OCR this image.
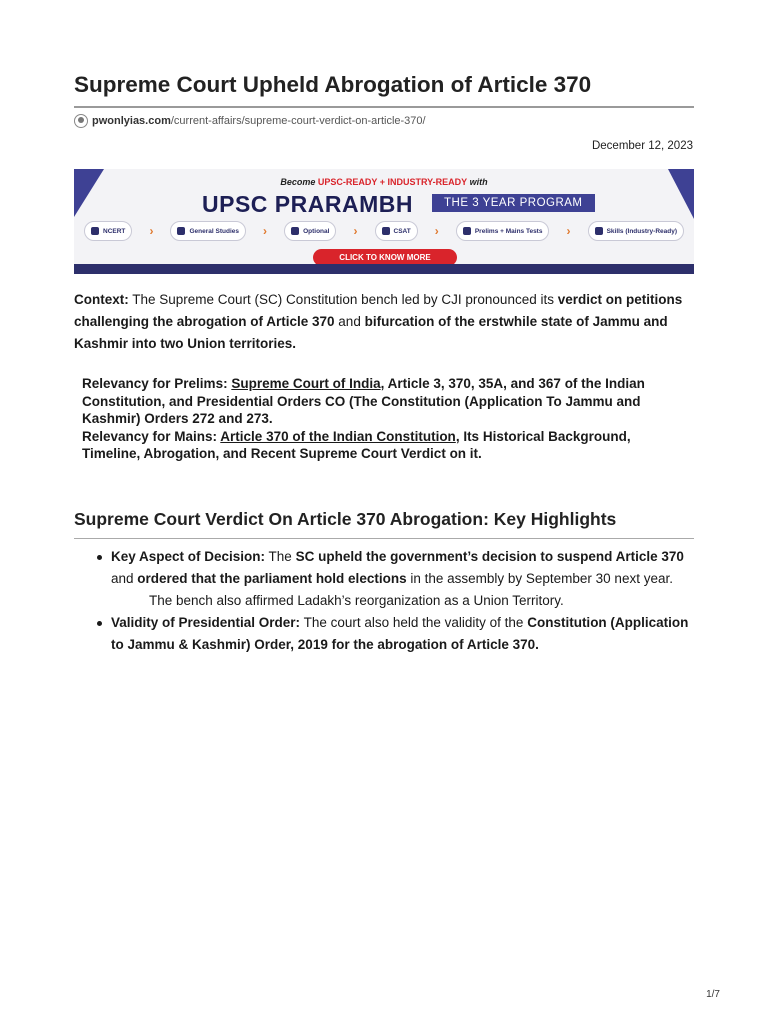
Supreme Court Upheld Abrogation of Article 370
pwonlyias.com /current-affairs/supreme-court-verdict-on-article-370/
December 12, 2023
Become UPSC-READY + INDUSTRY-READY with
UPSC PRARAMBH	THE 3 YEAR PROGRAM
NCERT ›	General Studies ›	Optional ›	CSAT ›	Prelims + Mains Tests ›	Skills (Industry-Ready)
CLICK TO KNOW MORE

Context: The Supreme Court (SC) Constitution bench led by CJI pronounced its verdict on petitions challenging the abrogation of Article 370 and bifurcation of the erstwhile state of Jammu and Kashmir into two Union territories.

Relevancy for Prelims: Supreme Court of India, Article 3, 370, 35A, and 367 of the Indian Constitution, and Presidential Orders CO (The Constitution (Application To Jammu and Kashmir) Orders 272 and 273.
Relevancy for Mains: Article 370 of the Indian Constitution, Its Historical Background, Timeline, Abrogation, and Recent Supreme Court Verdict on it.
Supreme Court Verdict On Article 370 Abrogation: Key Highlights
Key Aspect of Decision: The SC upheld the government’s decision to suspend Article 370 and ordered that the parliament hold elections in the assembly by September 30 next year.
The bench also affirmed Ladakh’s reorganization as a Union Territory.
Validity of Presidential Order: The court also held the validity of the Constitution (Application to Jammu & Kashmir) Order, 2019 for the abrogation of Article 370.
1/7
